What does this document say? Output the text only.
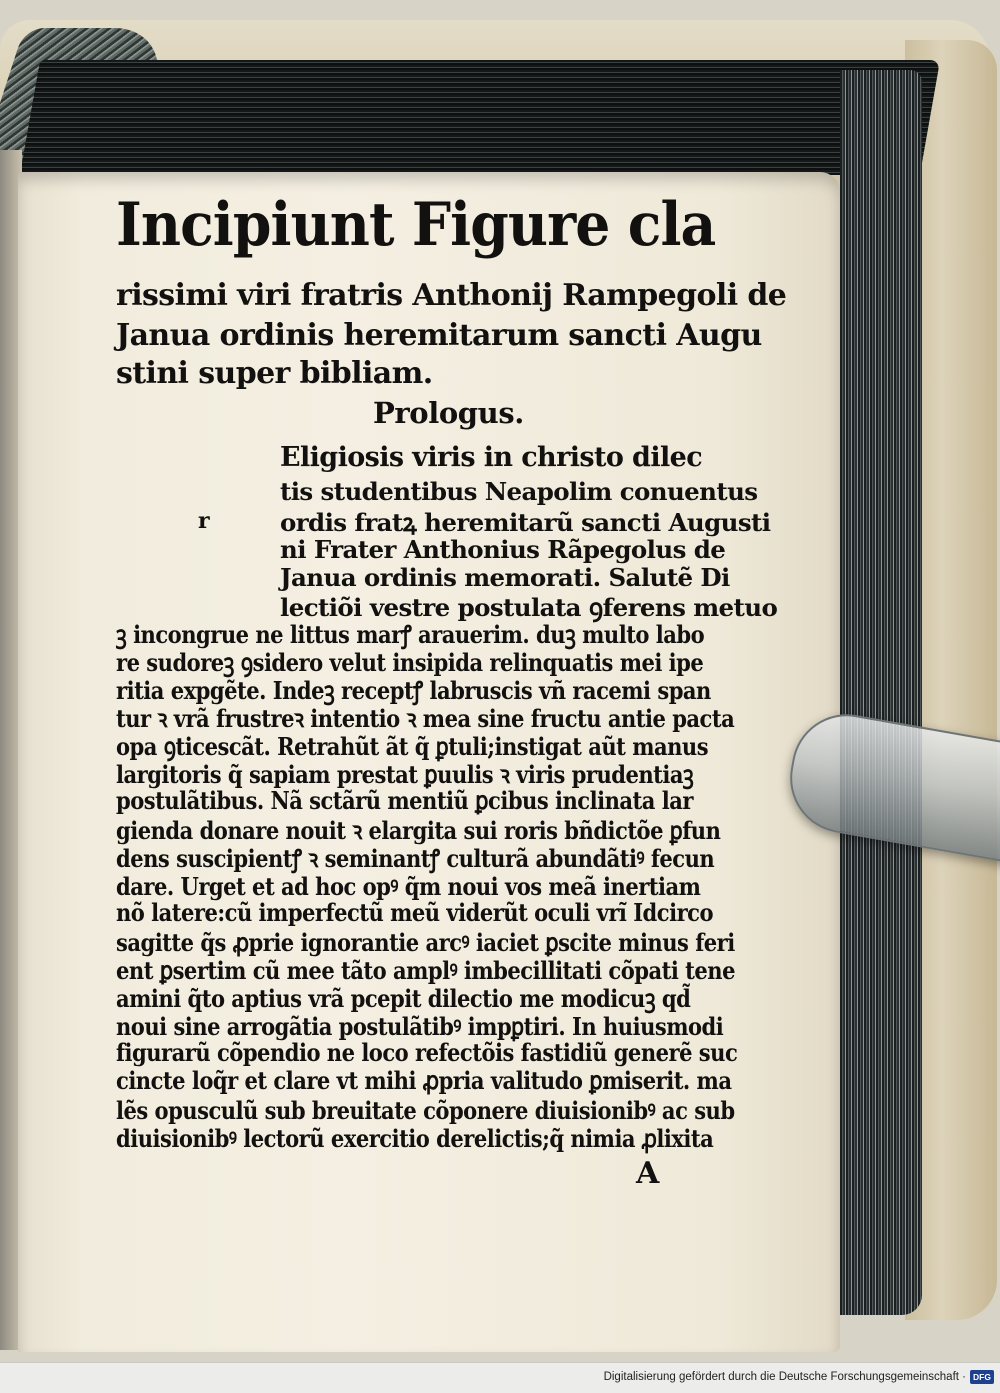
Incipiunt Figure cla
rissimi viri fratris Anthonij Rampegoli de
Janua ordinis heremitarum sancti Augu
stini super bibliam.
Prologus.
Eligiosis viris in christo dilec
tis studentibus Neapolim conuentus
r	ordis fratꝝ heremitarũ sancti Augusti
ni Frater Anthonius Rãpegolus de
Janua ordinis memorati. Salutẽ Di
lectiõi vestre postulata ꝯferens metuo
ꝫ incongrue ne littus marꝭ arauerim. duꝫ multo labo
re sudoreꝫ ꝯsidero velut insipida relinquatis mei ipe
ritia expgẽte. Indeꝫ receptꝭ labruscis vñ racemi span
tur ꝛ vrã frustreꝛ intentio ꝛ mea sine fructu antie pacta
opa ꝯticescãt. Retrahũt ãt q̃ ꝑtuli;instigat aũt manus
largitoris q̃ sapiam prestat ꝑuulis ꝛ viris prudentiaꝫ
postulãtibus. Nã sctãrũ mentiũ ꝑcibus inclinata lar
gienda donare nouit ꝛ elargita sui roris bñdictõe ꝑfun
dens suscipientꝭ ꝛ seminantꝭ culturã abundãtiꝰ fecun
dare. Urget et ad hoc opꝰ q̃m noui vos meã inertiam
nõ latere:cũ imperfectũ meũ viderũt oculi vrĩ Idcirco
sagitte q̃s ꝓprie ignorantie arcꝰ iaciet ꝑscite minus feri
ent ꝑsertim cũ mee tãto amplꝰ imbecillitati cõpati tene
amini q̃to aptius vrã pcepit dilectio me modicuꝫ qd̃
noui sine arrogãtia postulãtibꝰ impꝑtiri. In huiusmodi
figurarũ cõpendio ne loco refectõis fastidiũ generẽ suc
cincte loq̃r et clare vt mihi ꝓpria valitudo ꝑmiserit. ma
lẽs opusculũ sub breuitate cõponere diuisionibꝰ ac sub
diuisionibꝰ lectorũ exercitio derelictis;q̃ nimia ꝓlixita
A
Digitalisierung gefördert durch die Deutsche Forschungsgemeinschaft · DFG
